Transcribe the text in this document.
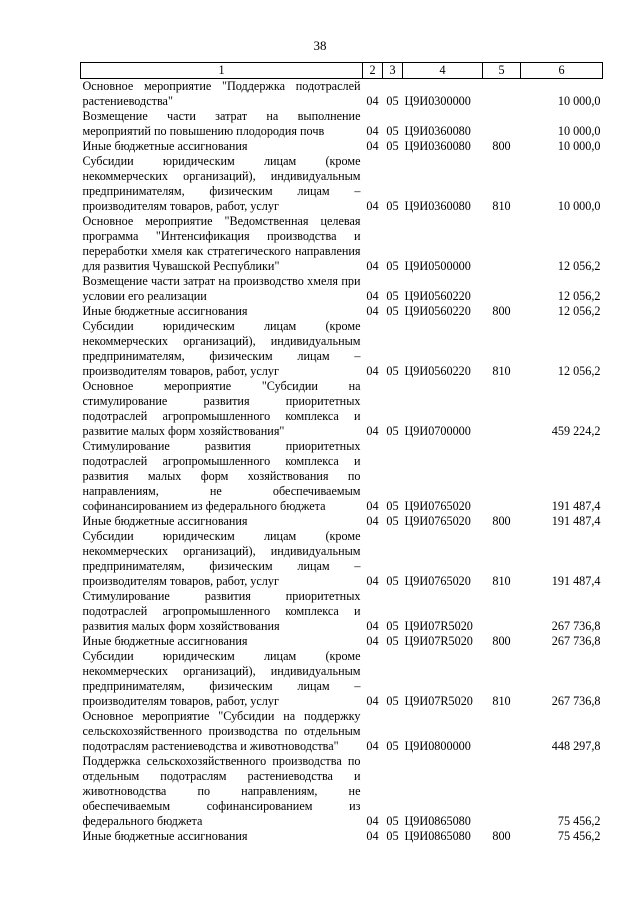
38
1	2	3	4	5	6
Основное мероприятие "Поддержка подотраслей растениеводства"	04	05	Ц9И0300000		10 000,0
Возмещение части затрат на выполнение мероприятий по повышению плодородия почв	04	05	Ц9И0360080		10 000,0
Иные бюджетные ассигнования	04	05	Ц9И0360080	800	10 000,0
Субсидии юридическим лицам (кроме некоммерческих организаций), индивидуальным предпринимателям, физическим лицам – производителям товаров, работ, услуг	04	05	Ц9И0360080	810	10 000,0
Основное мероприятие "Ведомственная целевая программа "Интенсификация производства и переработки хмеля как стратегического направления для развития Чувашской Республики"	04	05	Ц9И0500000		12 056,2
Возмещение части затрат на производство хмеля при условии его реализации	04	05	Ц9И0560220		12 056,2
Иные бюджетные ассигнования	04	05	Ц9И0560220	800	12 056,2
Субсидии юридическим лицам (кроме некоммерческих организаций), индивидуальным предпринимателям, физическим лицам – производителям товаров, работ, услуг	04	05	Ц9И0560220	810	12 056,2
Основное мероприятие "Субсидии на стимулирование развития приоритетных подотраслей агропромышленного комплекса и развитие малых форм хозяйствования"	04	05	Ц9И0700000		459 224,2
Стимулирование развития приоритетных подотраслей агропромышленного комплекса и развития малых форм хозяйствования по направлениям, не обеспечиваемым софинансированием из федерального бюджета	04	05	Ц9И0765020		191 487,4
Иные бюджетные ассигнования	04	05	Ц9И0765020	800	191 487,4
Субсидии юридическим лицам (кроме некоммерческих организаций), индивидуальным предпринимателям, физическим лицам – производителям товаров, работ, услуг	04	05	Ц9И0765020	810	191 487,4
Стимулирование развития приоритетных подотраслей агропромышленного комплекса и развития малых форм хозяйствования	04	05	Ц9И07R5020		267 736,8
Иные бюджетные ассигнования	04	05	Ц9И07R5020	800	267 736,8
Субсидии юридическим лицам (кроме некоммерческих организаций), индивидуальным предпринимателям, физическим лицам – производителям товаров, работ, услуг	04	05	Ц9И07R5020	810	267 736,8
Основное мероприятие "Субсидии на поддержку сельскохозяйственного производства по отдельным подотраслям растениеводства и животноводства"	04	05	Ц9И0800000		448 297,8
Поддержка сельскохозяйственного производства по отдельным подотраслям растениеводства и животноводства по направлениям, не обеспечиваемым софинансированием из федерального бюджета	04	05	Ц9И0865080		75 456,2
Иные бюджетные ассигнования	04	05	Ц9И0865080	800	75 456,2
